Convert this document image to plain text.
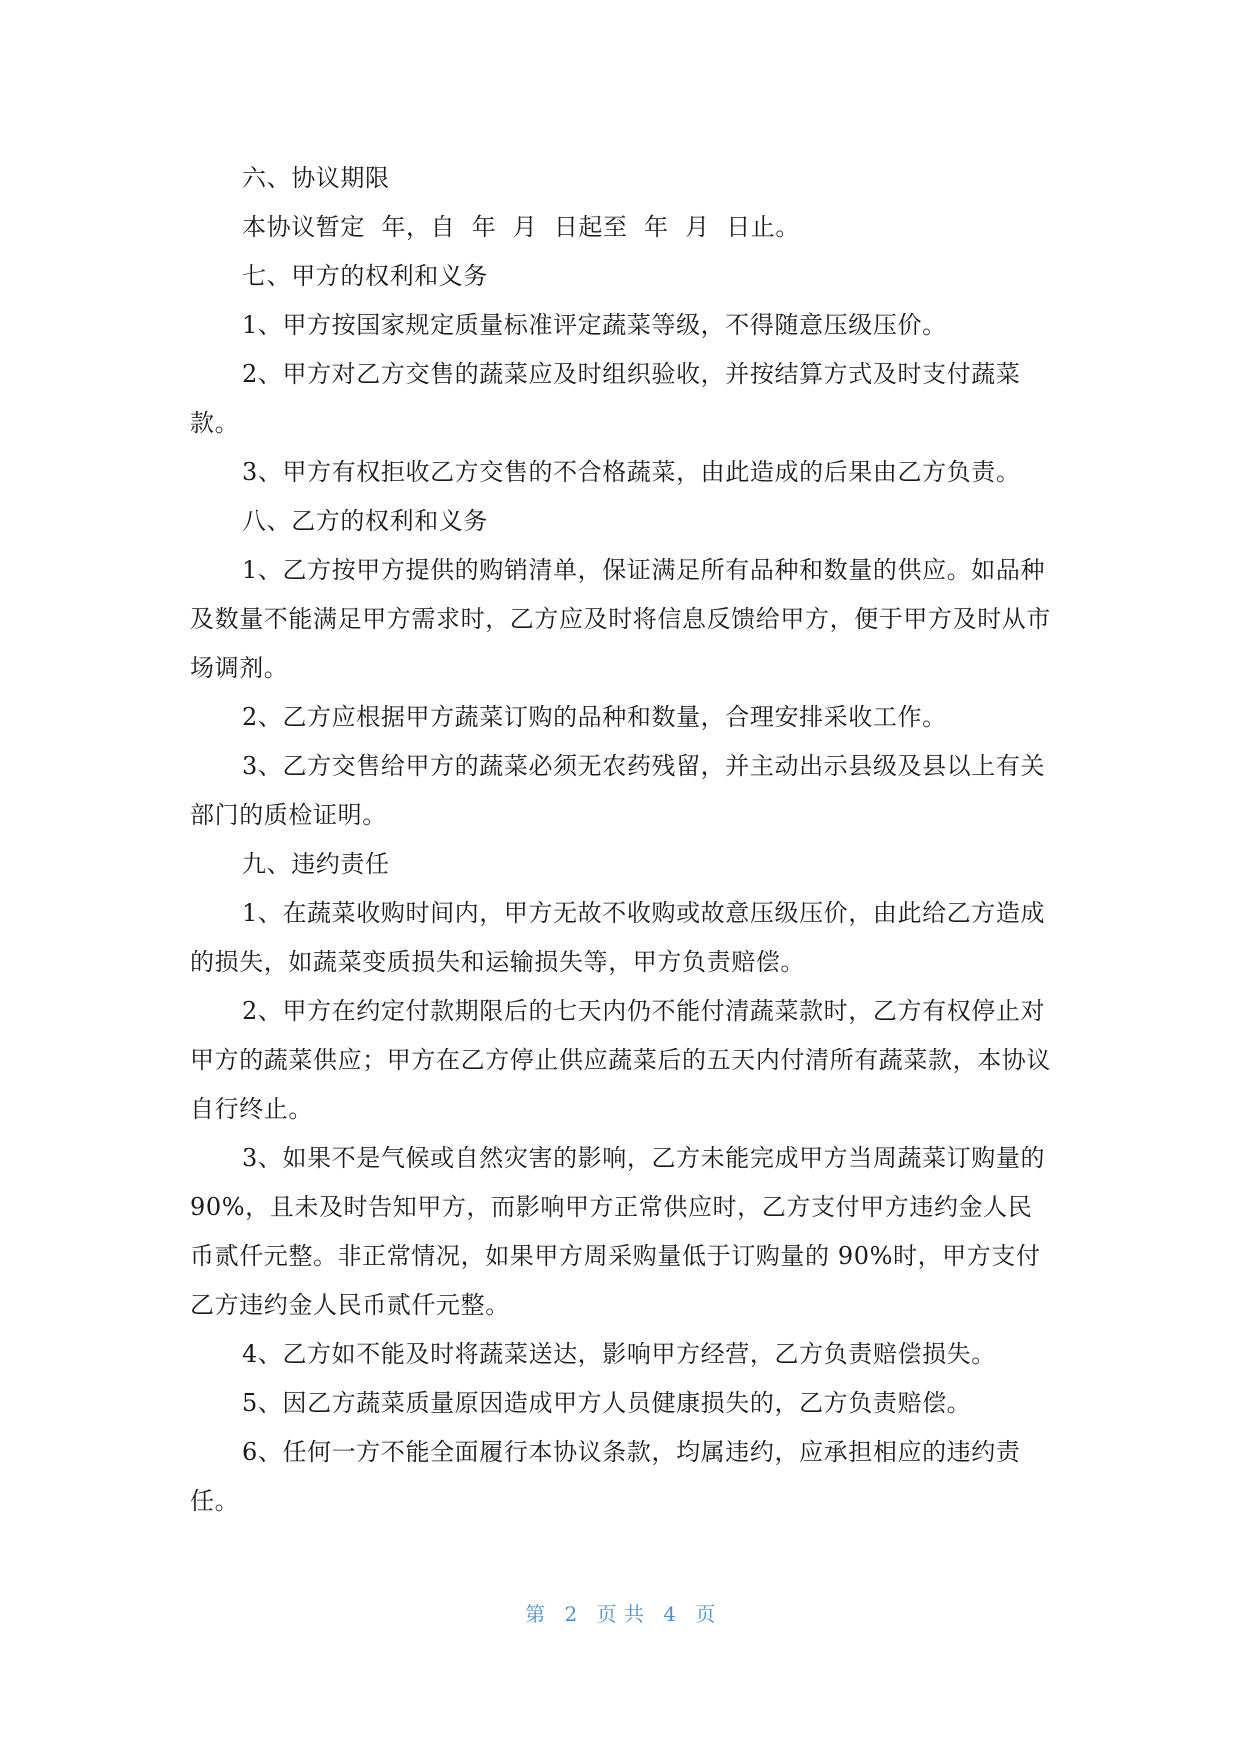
六、协议期限

本协议暂定  年，自  年  月  日起至  年  月  日止。

七、甲方的权利和义务

1、甲方按国家规定质量标准评定蔬菜等级，不得随意压级压价。

2、甲方对乙方交售的蔬菜应及时组织验收，并按结算方式及时支付蔬菜款。

3、甲方有权拒收乙方交售的不合格蔬菜，由此造成的后果由乙方负责。

八、乙方的权利和义务

1、乙方按甲方提供的购销清单，保证满足所有品种和数量的供应。如品种及数量不能满足甲方需求时，乙方应及时将信息反馈给甲方，便于甲方及时从市场调剂。

2、乙方应根据甲方蔬菜订购的品种和数量，合理安排采收工作。

3、乙方交售给甲方的蔬菜必须无农药残留，并主动出示县级及县以上有关部门的质检证明。

九、违约责任

1、在蔬菜收购时间内，甲方无故不收购或故意压级压价，由此给乙方造成的损失，如蔬菜变质损失和运输损失等，甲方负责赔偿。

2、甲方在约定付款期限后的七天内仍不能付清蔬菜款时，乙方有权停止对甲方的蔬菜供应；甲方在乙方停止供应蔬菜后的五天内付清所有蔬菜款，本协议自行终止。

3、如果不是气候或自然灾害的影响，乙方未能完成甲方当周蔬菜订购量的90%，且未及时告知甲方，而影响甲方正常供应时，乙方支付甲方违约金人民币贰仟元整。非正常情况，如果甲方周采购量低于订购量的 90%时，甲方支付乙方违约金人民币贰仟元整。

4、乙方如不能及时将蔬菜送达，影响甲方经营，乙方负责赔偿损失。

5、因乙方蔬菜质量原因造成甲方人员健康损失的，乙方负责赔偿。

6、任何一方不能全面履行本协议条款，均属违约，应承担相应的违约责任。

第 2 页 共 4 页
